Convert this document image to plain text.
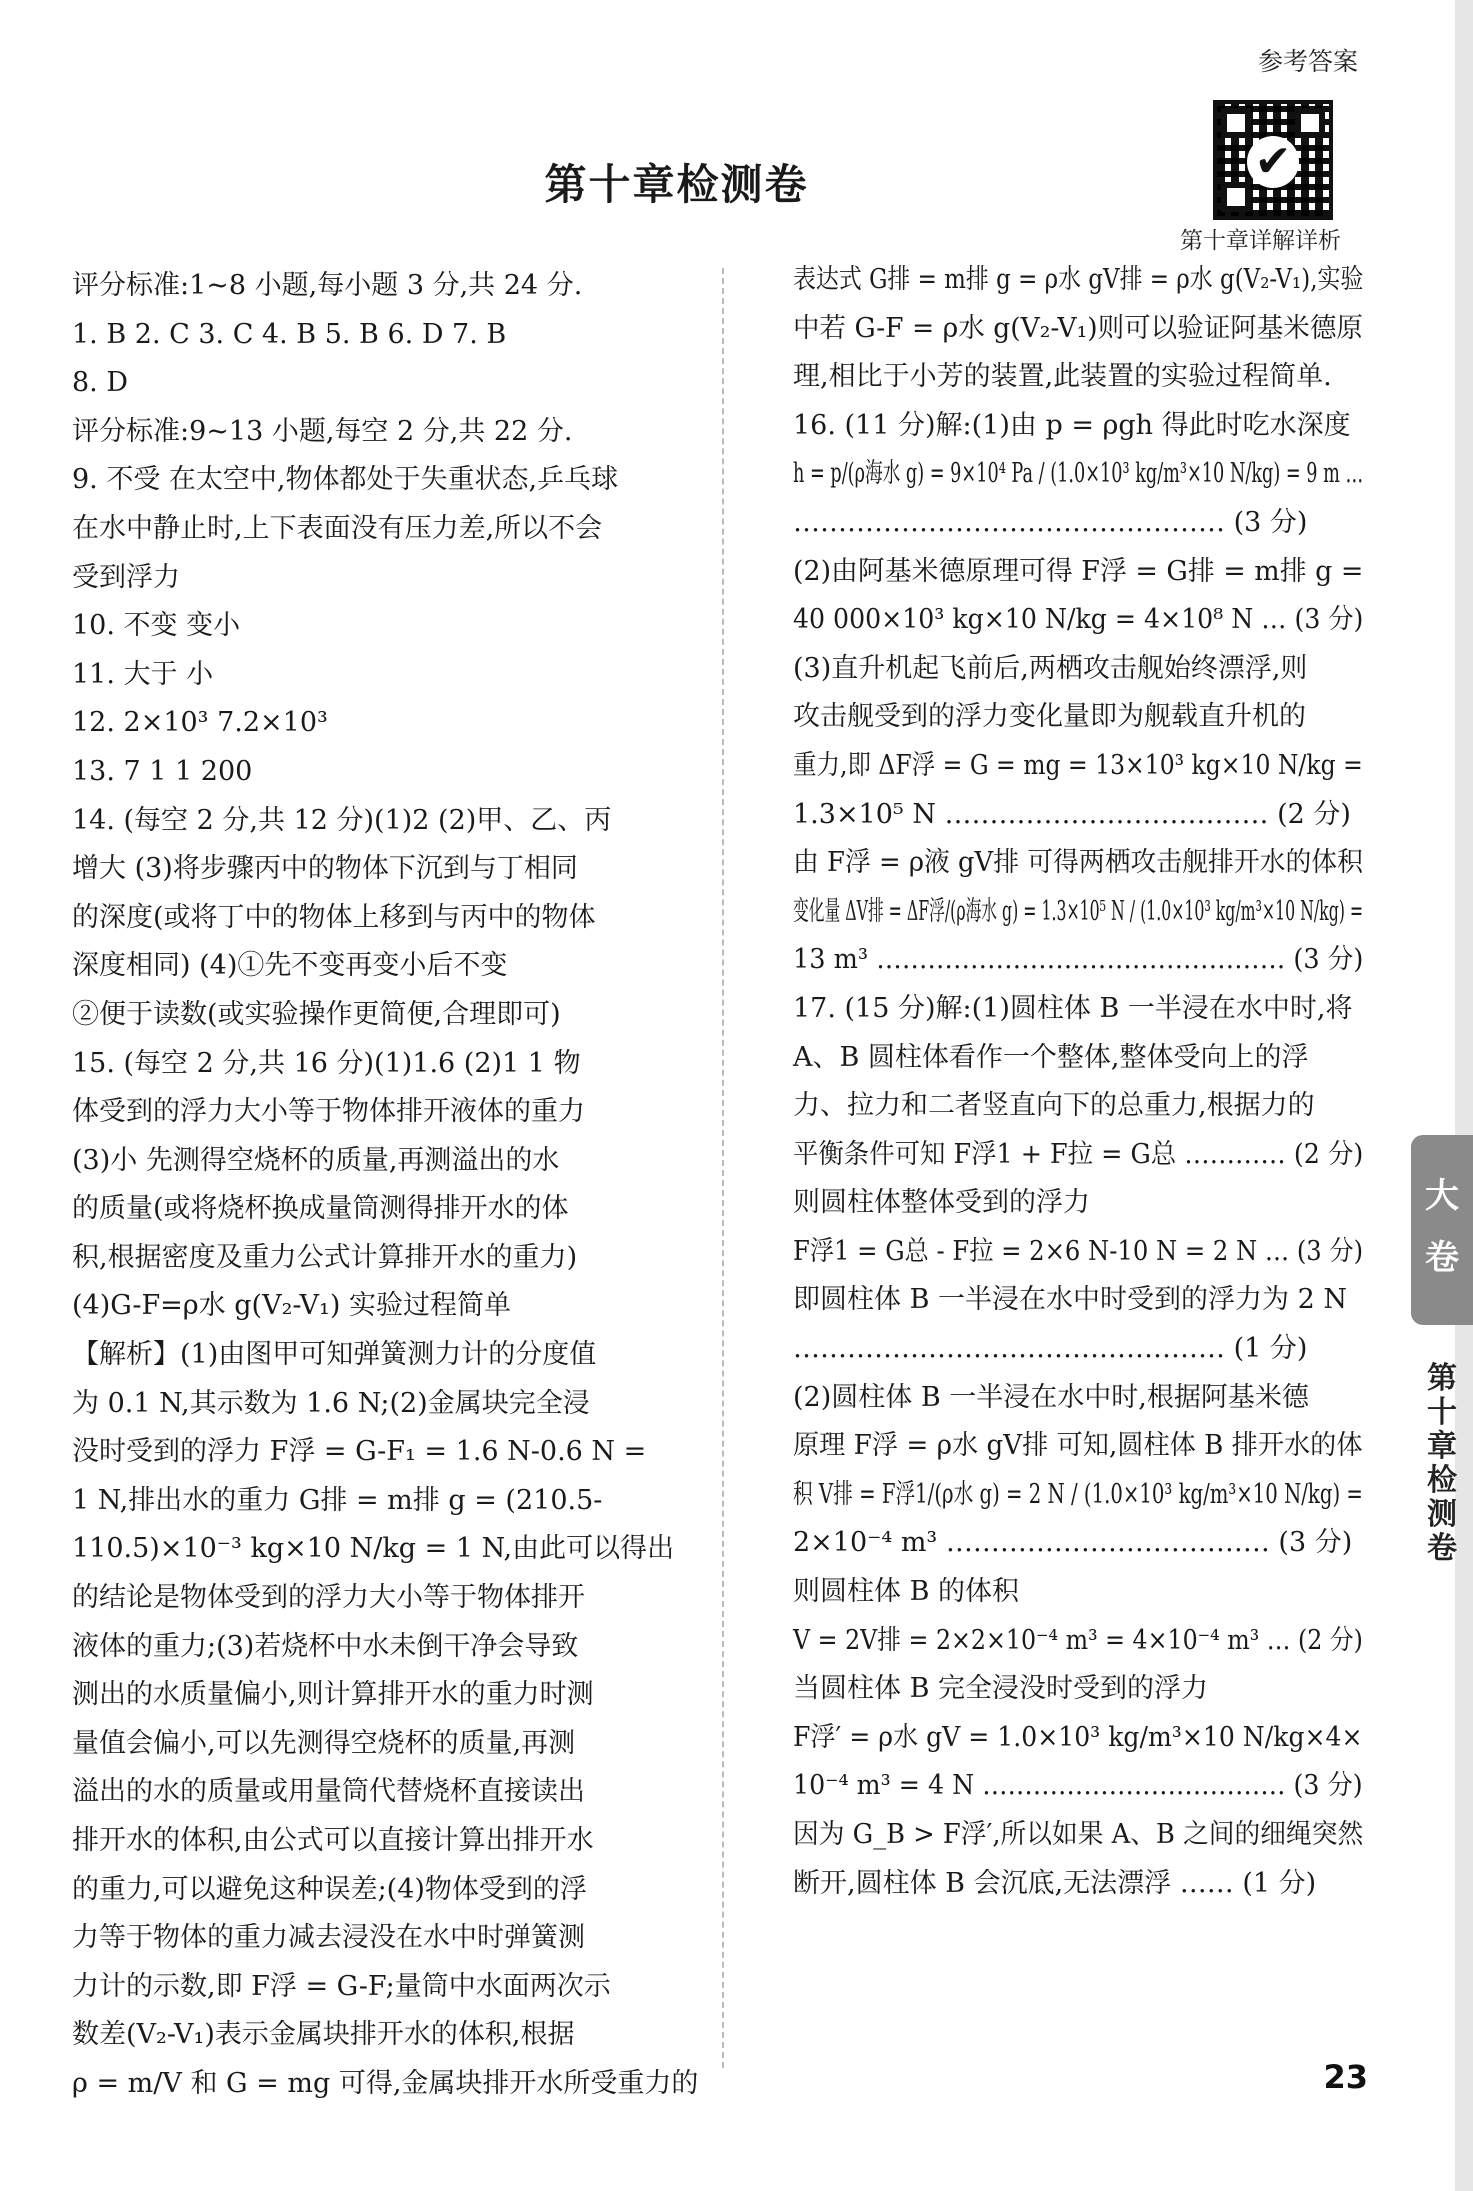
参考答案
✔
第十章详解详析
第十章检测卷
评分标准:1~8 小题,每小题 3 分,共 24 分.
1. B 2. C 3. C 4. B 5. B 6. D 7. B
8. D
评分标准:9~13 小题,每空 2 分,共 22 分.
9. 不受 在太空中,物体都处于失重状态,乒乓球
在水中静止时,上下表面没有压力差,所以不会
受到浮力
10. 不变 变小
11. 大于 小
12. 2×10³ 7.2×10³
13. 7 1 1 200
14. (每空 2 分,共 12 分)(1)2 (2)甲、乙、丙
增大 (3)将步骤丙中的物体下沉到与丁相同
的深度(或将丁中的物体上移到与丙中的物体
深度相同) (4)①先不变再变小后不变
②便于读数(或实验操作更简便,合理即可)
15. (每空 2 分,共 16 分)(1)1.6 (2)1 1 物
体受到的浮力大小等于物体排开液体的重力
(3)小 先测得空烧杯的质量,再测溢出的水
的质量(或将烧杯换成量筒测得排开水的体
积,根据密度及重力公式计算排开水的重力)
(4)G-F=ρ水 g(V₂-V₁) 实验过程简单
【解析】(1)由图甲可知弹簧测力计的分度值
为 0.1 N,其示数为 1.6 N;(2)金属块完全浸
没时受到的浮力 F浮 = G-F₁ = 1.6 N-0.6 N =
1 N,排出水的重力 G排 = m排 g = (210.5-
110.5)×10⁻³ kg×10 N/kg = 1 N,由此可以得出
的结论是物体受到的浮力大小等于物体排开
液体的重力;(3)若烧杯中水未倒干净会导致
测出的水质量偏小,则计算排开水的重力时测
量值会偏小,可以先测得空烧杯的质量,再测
溢出的水的质量或用量筒代替烧杯直接读出
排开水的体积,由公式可以直接计算出排开水
的重力,可以避免这种误差;(4)物体受到的浮
力等于物体的重力减去浸没在水中时弹簧测
力计的示数,即 F浮 = G-F;量筒中水面两次示
数差(V₂-V₁)表示金属块排开水的体积,根据
ρ = m/V 和 G = mg 可得,金属块排开水所受重力的
表达式 G排 = m排 g = ρ水 gV排 = ρ水 g(V₂-V₁),实验
中若 G-F = ρ水 g(V₂-V₁)则可以验证阿基米德原
理,相比于小芳的装置,此装置的实验过程简单.
16. (11 分)解:(1)由 p = ρgh 得此时吃水深度
h = p/(ρ海水 g) = 9×10⁴ Pa / (1.0×10³ kg/m³×10 N/kg) = 9 m …
………………………………………… (3 分)
(2)由阿基米德原理可得 F浮 = G排 = m排 g =
40 000×10³ kg×10 N/kg = 4×10⁸ N … (3 分)
(3)直升机起飞前后,两栖攻击舰始终漂浮,则
攻击舰受到的浮力变化量即为舰载直升机的
重力,即 ΔF浮 = G = mg = 13×10³ kg×10 N/kg =
1.3×10⁵ N ……………………………… (2 分)
由 F浮 = ρ液 gV排 可得两栖攻击舰排开水的体积
变化量 ΔV排 = ΔF浮/(ρ海水 g) = 1.3×10⁵ N / (1.0×10³ kg/m³×10 N/kg) =
13 m³ ………………………………………… (3 分)
17. (15 分)解:(1)圆柱体 B 一半浸在水中时,将
A、B 圆柱体看作一个整体,整体受向上的浮
力、拉力和二者竖直向下的总重力,根据力的
平衡条件可知 F浮1 + F拉 = G总 ………… (2 分)
则圆柱体整体受到的浮力
F浮1 = G总 - F拉 = 2×6 N-10 N = 2 N … (3 分)
即圆柱体 B 一半浸在水中时受到的浮力为 2 N
………………………………………… (1 分)
(2)圆柱体 B 一半浸在水中时,根据阿基米德
原理 F浮 = ρ水 gV排 可知,圆柱体 B 排开水的体
积 V排 = F浮1/(ρ水 g) = 2 N / (1.0×10³ kg/m³×10 N/kg) =
2×10⁻⁴ m³ ……………………………… (3 分)
则圆柱体 B 的体积
V = 2V排 = 2×2×10⁻⁴ m³ = 4×10⁻⁴ m³ … (2 分)
当圆柱体 B 完全浸没时受到的浮力
F浮′ = ρ水 gV = 1.0×10³ kg/m³×10 N/kg×4×
10⁻⁴ m³ = 4 N ……………………………… (3 分)
因为 G_B > F浮′,所以如果 A、B 之间的细绳突然
断开,圆柱体 B 会沉底,无法漂浮 …… (1 分)
大 卷
第十章检测卷
23
